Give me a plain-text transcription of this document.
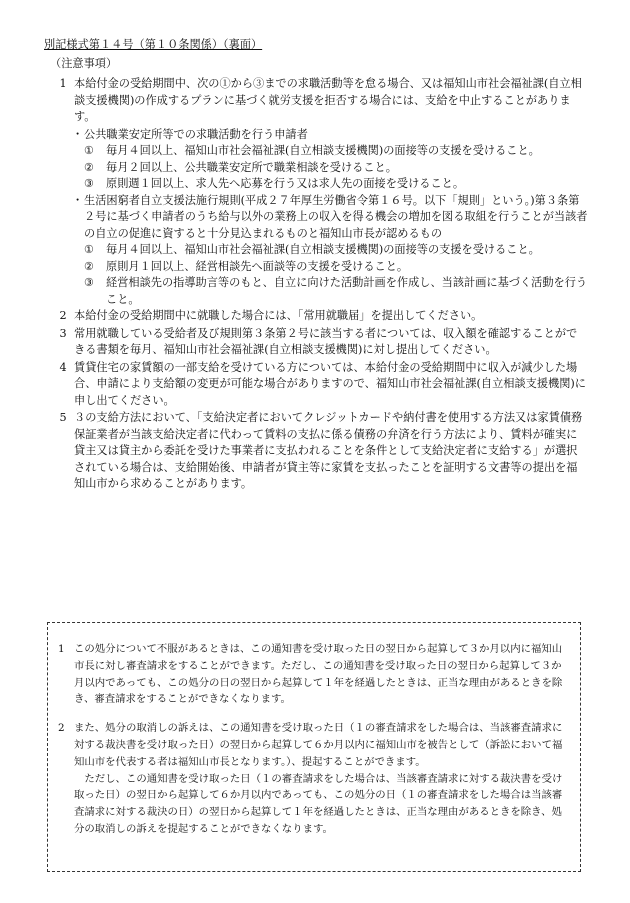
別記様式第１４号（第１０条関係）（裏面）
（注意事項）
1 本給付金の受給期間中、次の①から③までの求職活動等を怠る場合、又は福知山市社会福祉課(自立相談支援機関)の作成するプランに基づく就労支援を拒否する場合には、支給を中止することがあります。
・ 公共職業安定所等での求職活動を行う申請者
① 毎月４回以上、福知山市社会福祉課(自立相談支援機関)の面接等の支援を受けること。
② 毎月２回以上、公共職業安定所で職業相談を受けること。
③ 原則週１回以上、求人先へ応募を行う又は求人先の面接を受けること。
・ 生活困窮者自立支援法施行規則(平成２７年厚生労働省令第１６号。以下「規則」という。)第３条第２号に基づく申請者のうち給与以外の業務上の収入を得る機会の増加を図る取組を行うことが当該者の自立の促進に資すると十分見込まれるものと福知山市長が認めるもの
① 毎月４回以上、福知山市社会福祉課(自立相談支援機関)の面接等の支援を受けること。
② 原則月１回以上、経営相談先へ面談等の支援を受けること。
③ 経営相談先の指導助言等のもと、自立に向けた活動計画を作成し、当該計画に基づく活動を行うこと。
2 本給付金の受給期間中に就職した場合には、「常用就職届」を提出してください。
3 常用就職している受給者及び規則第３条第２号に該当する者については、収入額を確認することができる書類を毎月、福知山市社会福祉課(自立相談支援機関)に対し提出してください。
4 賃貸住宅の家賃額の一部支給を受けている方については、本給付金の受給期間中に収入が減少した場合、申請により支給額の変更が可能な場合がありますので、福知山市社会福祉課(自立相談支援機関)に申し出てください。
5 ３の支給方法において、「支給決定者においてクレジットカードや納付書を使用する方法又は家賃債務保証業者が当該支給決定者に代わって賃料の支払に係る債務の弁済を行う方法により、賃料が確実に貸主又は貸主から委託を受けた事業者に支払われることを条件として支給決定者に支給する」が選択されている場合は、支給開始後、申請者が貸主等に家賃を支払ったことを証明する文書等の提出を福知山市から求めることがあります。
1 この処分について不服があるときは、この通知書を受け取った日の翌日から起算して３か月以内に福知山市長に対し審査請求をすることができます。ただし、この通知書を受け取った日の翌日から起算して３か月以内であっても、この処分の日の翌日から起算して１年を経過したときは、正当な理由があるときを除き、審査請求をすることができなくなります。
2 また、処分の取消しの訴えは、この通知書を受け取った日（１の審査請求をした場合は、当該審査請求に対する裁決書を受け取った日）の翌日から起算して６か月以内に福知山市を被告として（訴訟において福知山市を代表する者は福知山市長となります。）、提起することができます。
ただし、この通知書を受け取った日（１の審査請求をした場合は、当該審査請求に対する裁決書を受け取った日）の翌日から起算して６か月以内であっても、この処分の日（１の審査請求をした場合は当該審査請求に対する裁決の日）の翌日から起算して１年を経過したときは、正当な理由があるときを除き、処分の取消しの訴えを提起することができなくなります。
